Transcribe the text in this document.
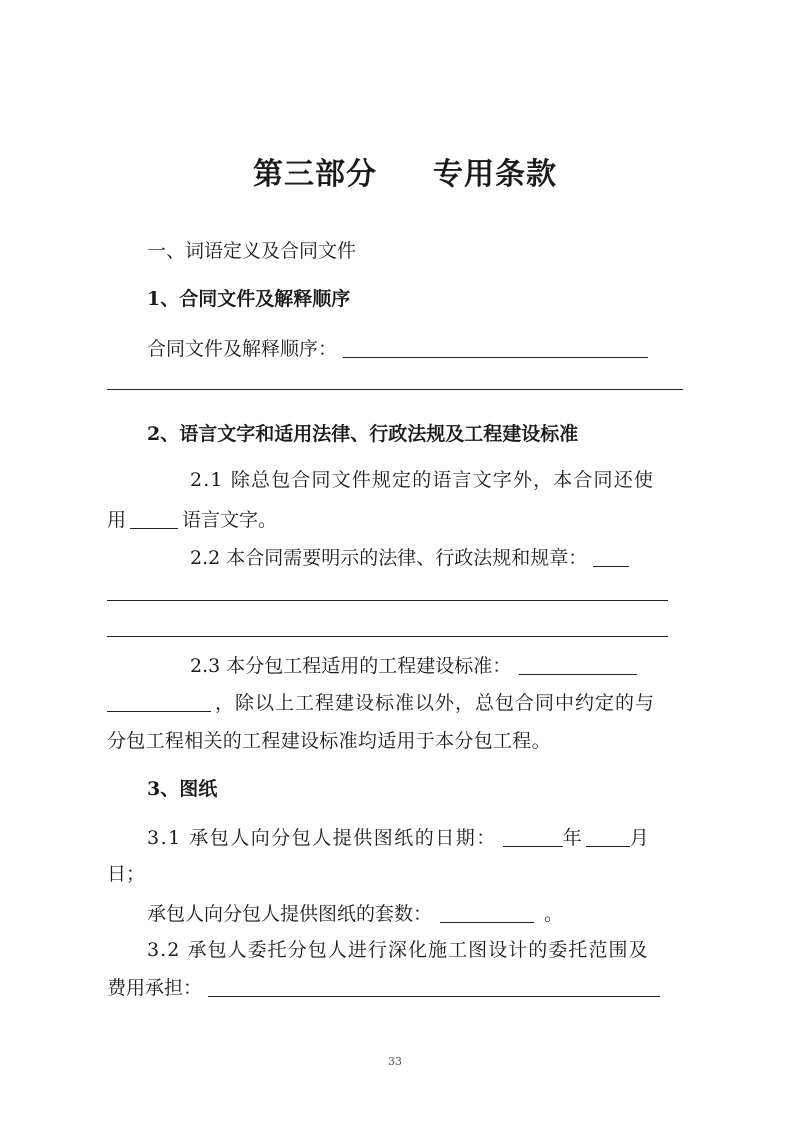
第三部分 专用条款
一、词语定义及合同文件
1、合同文件及解释顺序
合同文件及解释顺序：
2、语言文字和适用法律、行政法规及工程建设标准
2.1 除总包合同文件规定的语言文字外，本合同还使
用	语言文字。
2.2 本合同需要明示的法律、行政法规和规章：
2.3 本分包工程适用的工程建设标准：
，除以上工程建设标准以外，总包合同中约定的与
分包工程相关的工程建设标准均适用于本分包工程。
3、图纸
3.1 承包人向分包人提供图纸的日期：	年	月
日；
承包人向分包人提供图纸的套数：	。
3.2 承包人委托分包人进行深化施工图设计的委托范围及
费用承担：
33
